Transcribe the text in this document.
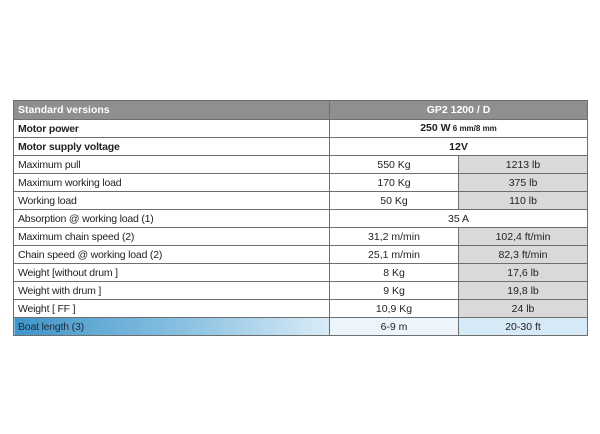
Standard versions	GP2 1200 / D	
Motor power	250 W 6 mm/8 mm	
Motor supply voltage	12V	
Maximum pull	550 Kg	1213 lb
Maximum working load	170 Kg	375 lb
Working load	50 Kg	110 lb
Absorption @ working load (1)	35 A	
Maximum chain speed (2)	31,2 m/min	102,4 ft/min
Chain speed @ working load (2)	25,1 m/min	82,3 ft/min
Weight [without drum ]	8 Kg	17,6 lb
Weight with drum ]	9 Kg	19,8 lb
Weight [ FF ]	10,9 Kg	24 lb
Boat length (3)	6-9 m	20-30 ft
